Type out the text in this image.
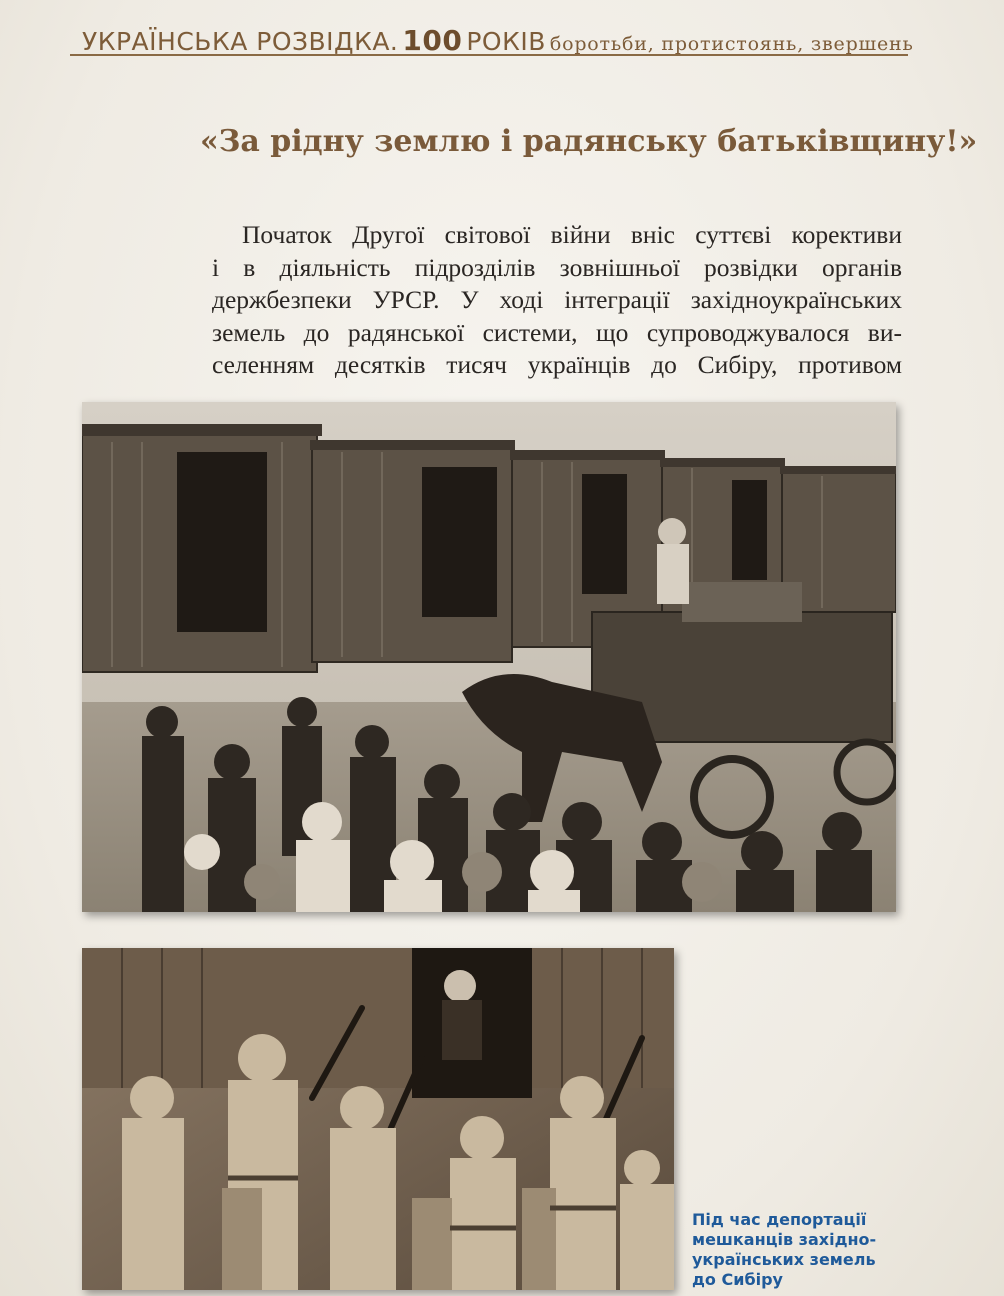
УКРАЇНСЬКА РОЗВІДКА. 100 РОКІВ боротьби, протистоянь, звершень
«За рідну землю і радянську батьківщину!»
Початок Другої світової війни вніс суттєві корективи
і в діяльність підрозділів зовнішньої розвідки органів
держбезпеки УРСР. У ході інтеграції західноукраїнських
земель до радянської системи, що супроводжувалося ви-
селенням десятків тисяч українців до Сибіру, противом
Під час депортації
мешканців західно-
українських земель
до Сибіру
